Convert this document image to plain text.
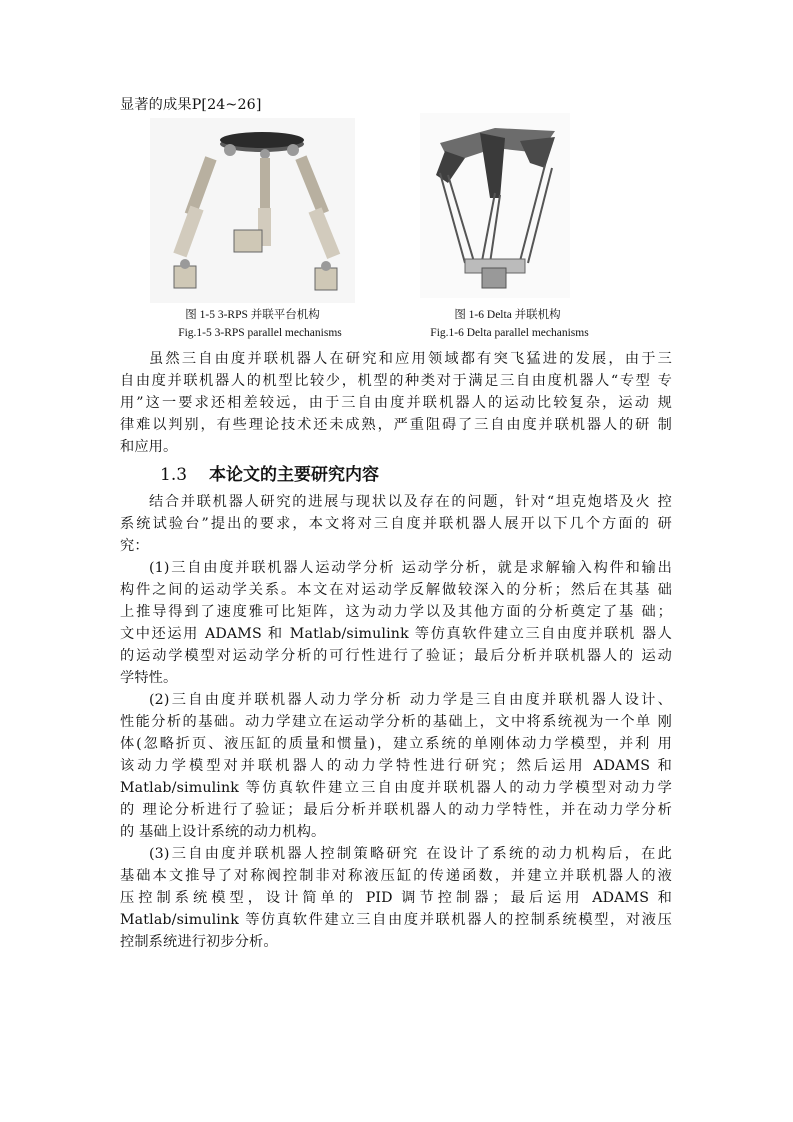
显著的成果P[24~26]
图 1-5 3-RPS 并联平台机构	图 1-6 Delta 并联机构
Fig.1-5 3-RPS parallel mechanisms	Fig.1-6 Delta parallel mechanisms
虽然三自由度并联机器人在研究和应用领域都有突飞猛进的发展，由于三
自由度并联机器人的机型比较少，机型的种类对于满足三自由度机器人“专型 专
用”这一要求还相差较远，由于三自由度并联机器人的运动比较复杂，运动 规
律难以判别，有些理论技术还未成熟，严重阻碍了三自由度并联机器人的研 制
和应用。
1.3 本论文的主要研究内容
结合并联机器人研究的进展与现状以及存在的问题，针对“坦克炮塔及火 控
系统试验台”提出的要求，本文将对三自度并联机器人展开以下几个方面的 研
究：
(1)三自由度并联机器人运动学分析 运动学分析，就是求解输入构件和输出
构件之间的运动学关系。本文在对运动学反解做较深入的分析；然后在其基 础
上推导得到了速度雅可比矩阵，这为动力学以及其他方面的分析奠定了基 础；
文中还运用 ADAMS 和 Matlab/simulink 等仿真软件建立三自由度并联机 器人
的运动学模型对运动学分析的可行性进行了验证；最后分析并联机器人的 运动
学特性。
(2)三自由度并联机器人动力学分析 动力学是三自由度并联机器人设计、
性能分析的基础。动力学建立在运动学分析的基础上，文中将系统视为一个单 刚
体(忽略折页、液压缸的质量和惯量)，建立系统的单刚体动力学模型，并利 用
该动力学模型对并联机器人的动力学特性进行研究；然后运用 ADAMS 和
Matlab/simulink 等仿真软件建立三自由度并联机器人的动力学模型对动力学
的 理论分析进行了验证；最后分析并联机器人的动力学特性，并在动力学分析
的 基础上设计系统的动力机构。
(3)三自由度并联机器人控制策略研究 在设计了系统的动力机构后，在此
基础本文推导了对称阀控制非对称液压缸的传递函数，并建立并联机器人的液
压控制系统模型，设计简单的 PID 调节控制器；最后运用 ADAMS 和
Matlab/simulink 等仿真软件建立三自由度并联机器人的控制系统模型，对液压
控制系统进行初步分析。
